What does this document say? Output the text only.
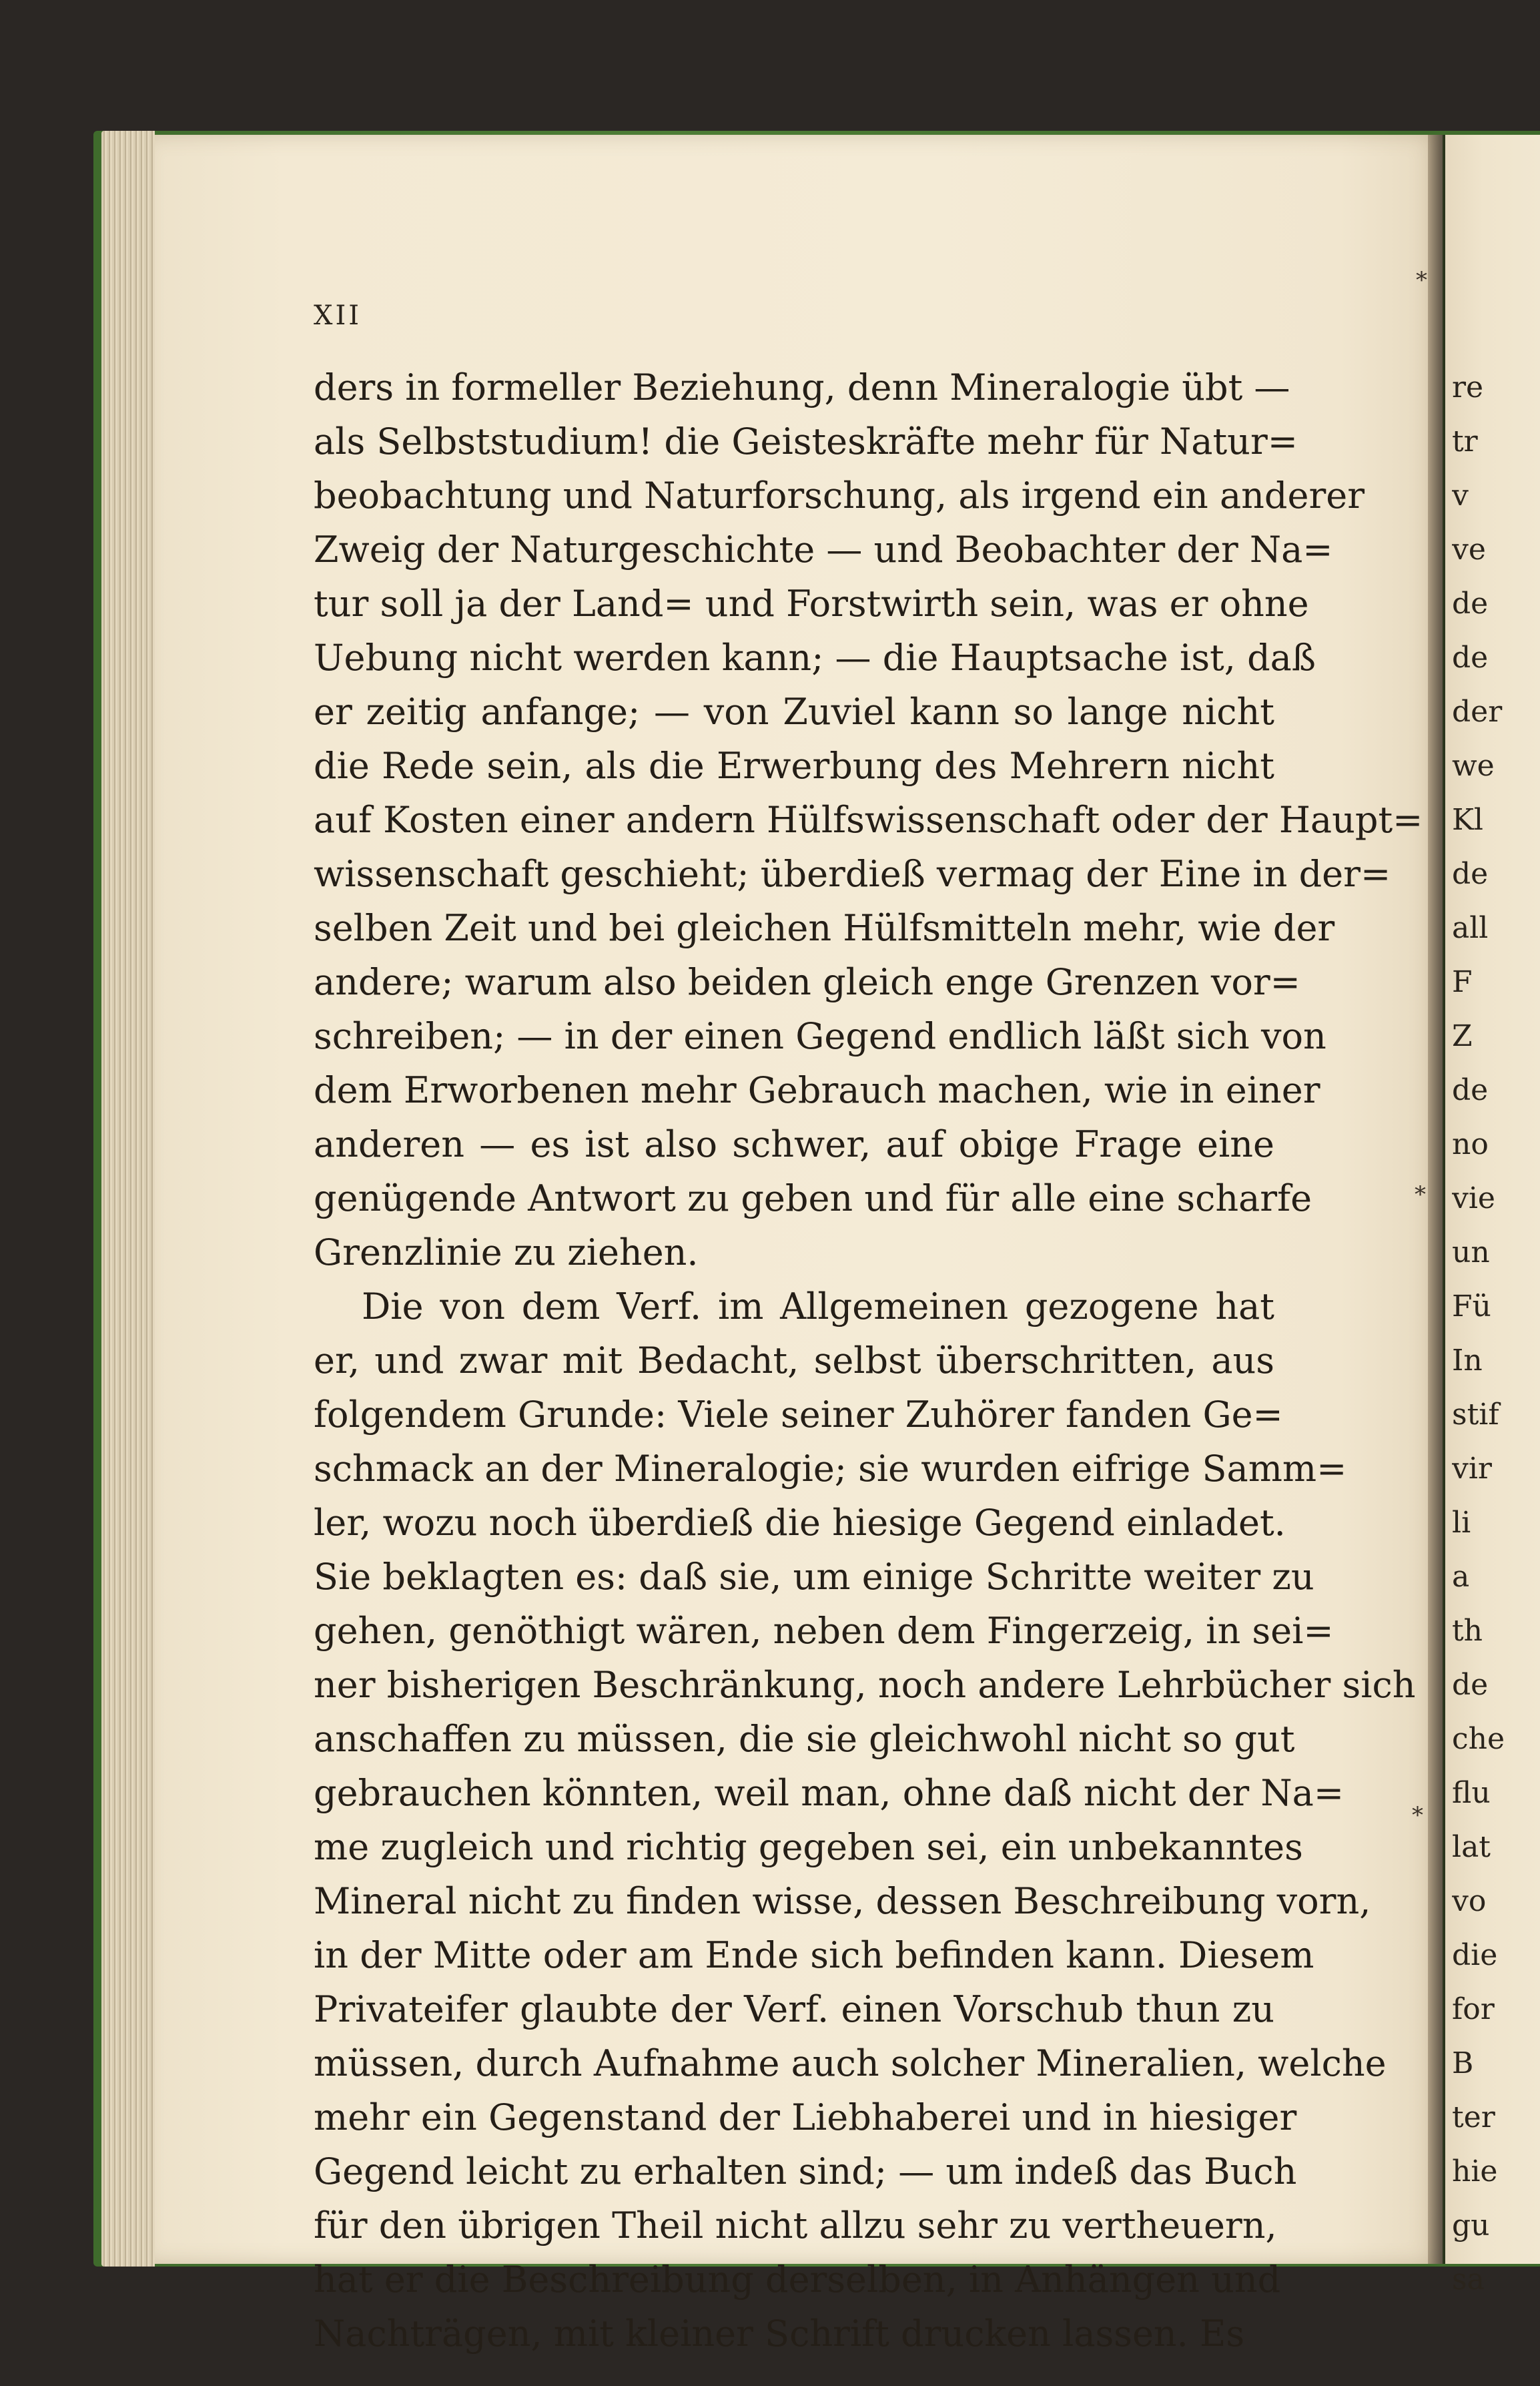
XII

ders in formeller Beziehung, denn Mineralogie übt —
als Selbststudium! die Geisteskräfte mehr für Natur=
beobachtung und Naturforschung, als irgend ein anderer
Zweig der Naturgeschichte — und Beobachter der Na=
tur soll ja der Land= und Forstwirth sein, was er ohne
Uebung nicht werden kann; — die Hauptsache ist, daß
er zeitig anfange; — von Zuviel kann so lange nicht
die Rede sein, als die Erwerbung des Mehrern nicht
auf Kosten einer andern Hülfswissenschaft oder der Haupt=
wissenschaft geschieht; überdieß vermag der Eine in der=
selben Zeit und bei gleichen Hülfsmitteln mehr, wie der
andere; warum also beiden gleich enge Grenzen vor=
schreiben; — in der einen Gegend endlich läßt sich von
dem Erworbenen mehr Gebrauch machen, wie in einer
anderen — es ist also schwer, auf obige Frage eine
genügende Antwort zu geben und für alle eine scharfe
Grenzlinie zu ziehen.
Die von dem Verf. im Allgemeinen gezogene hat
er, und zwar mit Bedacht, selbst überschritten, aus
folgendem Grunde: Viele seiner Zuhörer fanden Ge=
schmack an der Mineralogie; sie wurden eifrige Samm=
ler, wozu noch überdieß die hiesige Gegend einladet.
Sie beklagten es: daß sie, um einige Schritte weiter zu
gehen, genöthigt wären, neben dem Fingerzeig, in sei=
ner bisherigen Beschränkung, noch andere Lehrbücher sich
anschaffen zu müssen, die sie gleichwohl nicht so gut
gebrauchen könnten, weil man, ohne daß nicht der Na=
me zugleich und richtig gegeben sei, ein unbekanntes
Mineral nicht zu finden wisse, dessen Beschreibung vorn,
in der Mitte oder am Ende sich befinden kann. Diesem
Privateifer glaubte der Verf. einen Vorschub thun zu
müssen, durch Aufnahme auch solcher Mineralien, welche
mehr ein Gegenstand der Liebhaberei und in hiesiger
Gegend leicht zu erhalten sind; — um indeß das Buch
für den übrigen Theil nicht allzu sehr zu vertheuern,
hat er die Beschreibung derselben, in Anhängen und
Nachträgen, mit kleiner Schrift drucken lassen. Es
re
tr
v
ve
de
de
der
we
Kl
de
all
F
Z
de
no
vie
un
Fü
In
stif
vir
li
a
th
de
che
flu
lat
vo
die
for
B
ter
hie
gu
sa
*
*
*
